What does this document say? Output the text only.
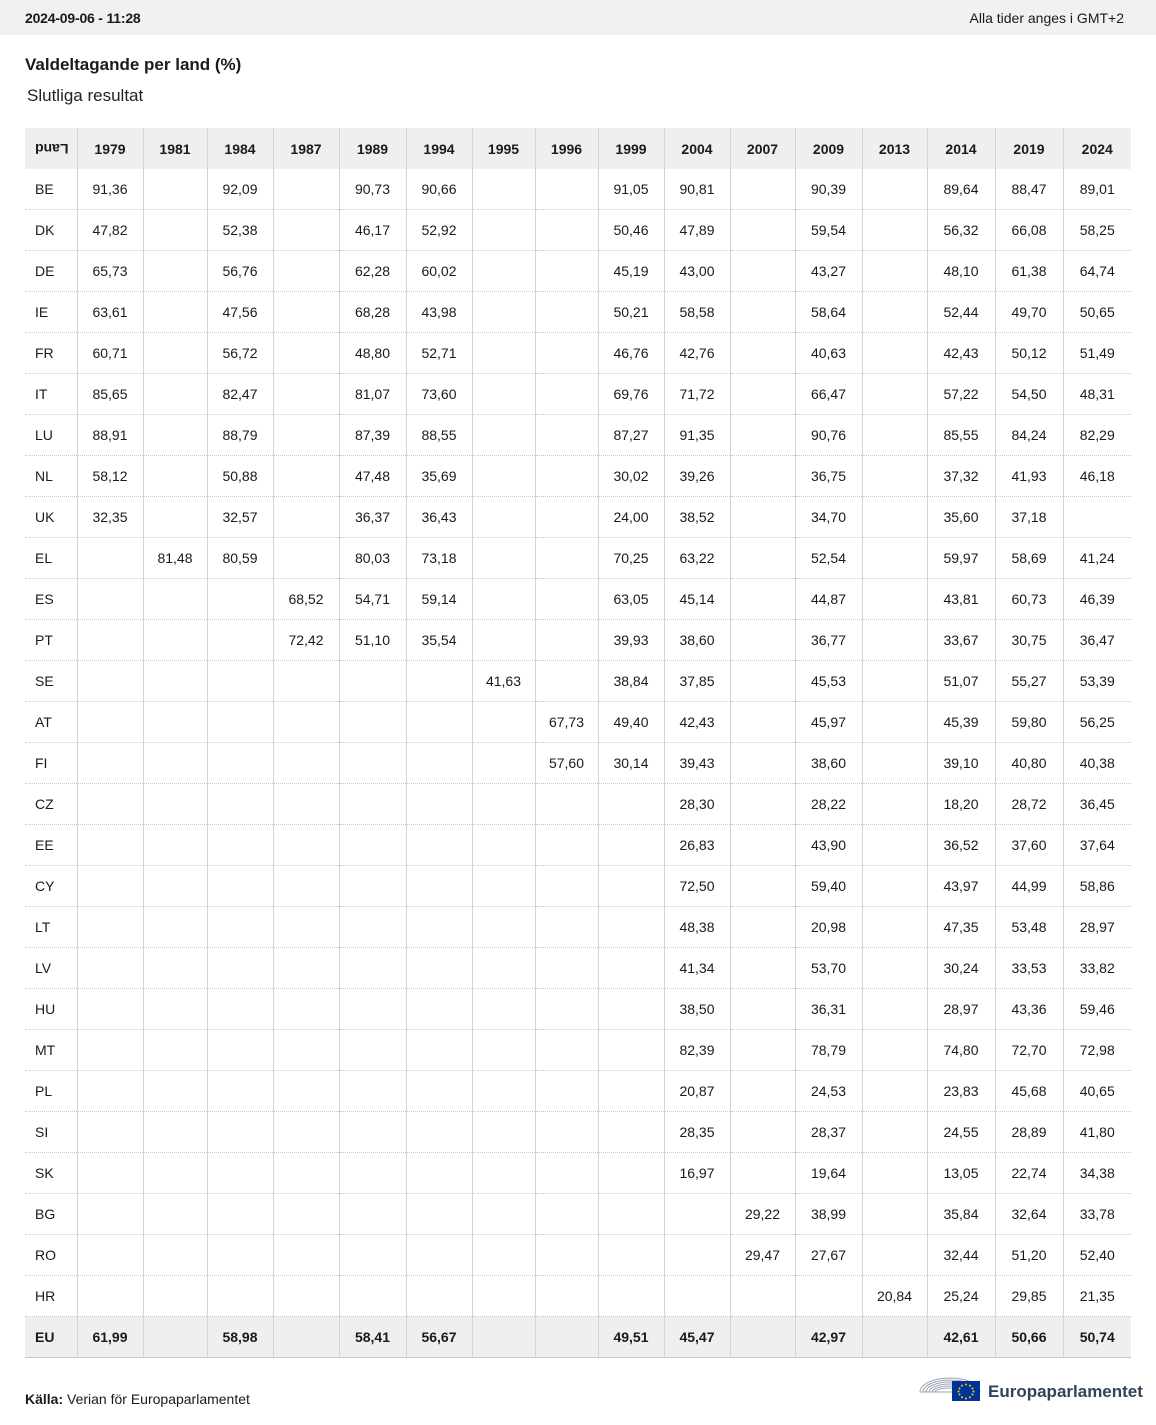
2024-09-06 - 11:28	Alla tider anges i GMT+2
Valdeltagande per land (%)
Slutliga resultat
Land	1979	1981	1984	1987	1989	1994	1995	1996	1999	2004	2007	2009	2013	2014	2019	2024
BE	91,36		92,09		90,73	90,66			91,05	90,81		90,39		89,64	88,47	89,01
DK	47,82		52,38		46,17	52,92			50,46	47,89		59,54		56,32	66,08	58,25
DE	65,73		56,76		62,28	60,02			45,19	43,00		43,27		48,10	61,38	64,74
IE	63,61		47,56		68,28	43,98			50,21	58,58		58,64		52,44	49,70	50,65
FR	60,71		56,72		48,80	52,71			46,76	42,76		40,63		42,43	50,12	51,49
IT	85,65		82,47		81,07	73,60			69,76	71,72		66,47		57,22	54,50	48,31
LU	88,91		88,79		87,39	88,55			87,27	91,35		90,76		85,55	84,24	82,29
NL	58,12		50,88		47,48	35,69			30,02	39,26		36,75		37,32	41,93	46,18
UK	32,35		32,57		36,37	36,43			24,00	38,52		34,70		35,60	37,18	
EL		81,48	80,59		80,03	73,18			70,25	63,22		52,54		59,97	58,69	41,24
ES				68,52	54,71	59,14			63,05	45,14		44,87		43,81	60,73	46,39
PT				72,42	51,10	35,54			39,93	38,60		36,77		33,67	30,75	36,47
SE							41,63		38,84	37,85		45,53		51,07	55,27	53,39
AT								67,73	49,40	42,43		45,97		45,39	59,80	56,25
FI								57,60	30,14	39,43		38,60		39,10	40,80	40,38
CZ										28,30		28,22		18,20	28,72	36,45
EE										26,83		43,90		36,52	37,60	37,64
CY										72,50		59,40		43,97	44,99	58,86
LT										48,38		20,98		47,35	53,48	28,97
LV										41,34		53,70		30,24	33,53	33,82
HU										38,50		36,31		28,97	43,36	59,46
MT										82,39		78,79		74,80	72,70	72,98
PL										20,87		24,53		23,83	45,68	40,65
SI										28,35		28,37		24,55	28,89	41,80
SK										16,97		19,64		13,05	22,74	34,38
BG											29,22	38,99		35,84	32,64	33,78
RO											29,47	27,67		32,44	51,20	52,40
HR													20,84	25,24	29,85	21,35
EU	61,99		58,98		58,41	56,67			49,51	45,47		42,97		42,61	50,66	50,74
Källa: Verian för Europaparlamentet	Europaparlamentet
